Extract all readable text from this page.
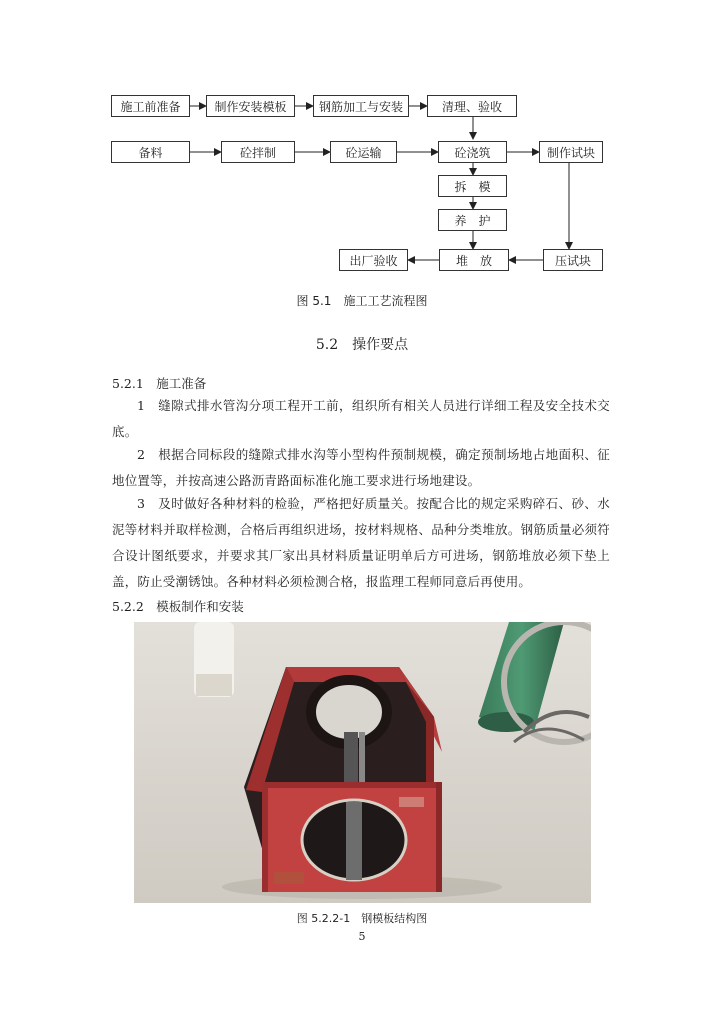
施工前准备	制作安装模板	钢筋加工与安装	清理、验收
备料	砼拌制	砼运输	砼浇筑	制作试块
拆　模
养　护
出厂验收	堆　放	压试块
图 5.1　施工工艺流程图
5.2　操作要点
5.2.1　施工准备
1　缝隙式排水管沟分项工程开工前，组织所有相关人员进行详细工程及安全技术交底。
2　根据合同标段的缝隙式排水沟等小型构件预制规模，确定预制场地占地面积、征地位置等，并按高速公路沥青路面标准化施工要求进行场地建设。
3　及时做好各种材料的检验，严格把好质量关。按配合比的规定采购碎石、砂、水泥等材料并取样检测，合格后再组织进场，按材料规格、品种分类堆放。钢筋质量必须符合设计图纸要求，并要求其厂家出具材料质量证明单后方可进场，钢筋堆放必须下垫上盖，防止受潮锈蚀。各种材料必须检测合格，报监理工程师同意后再使用。
5.2.2　模板制作和安装
图 5.2.2-1　钢模板结构图
5
